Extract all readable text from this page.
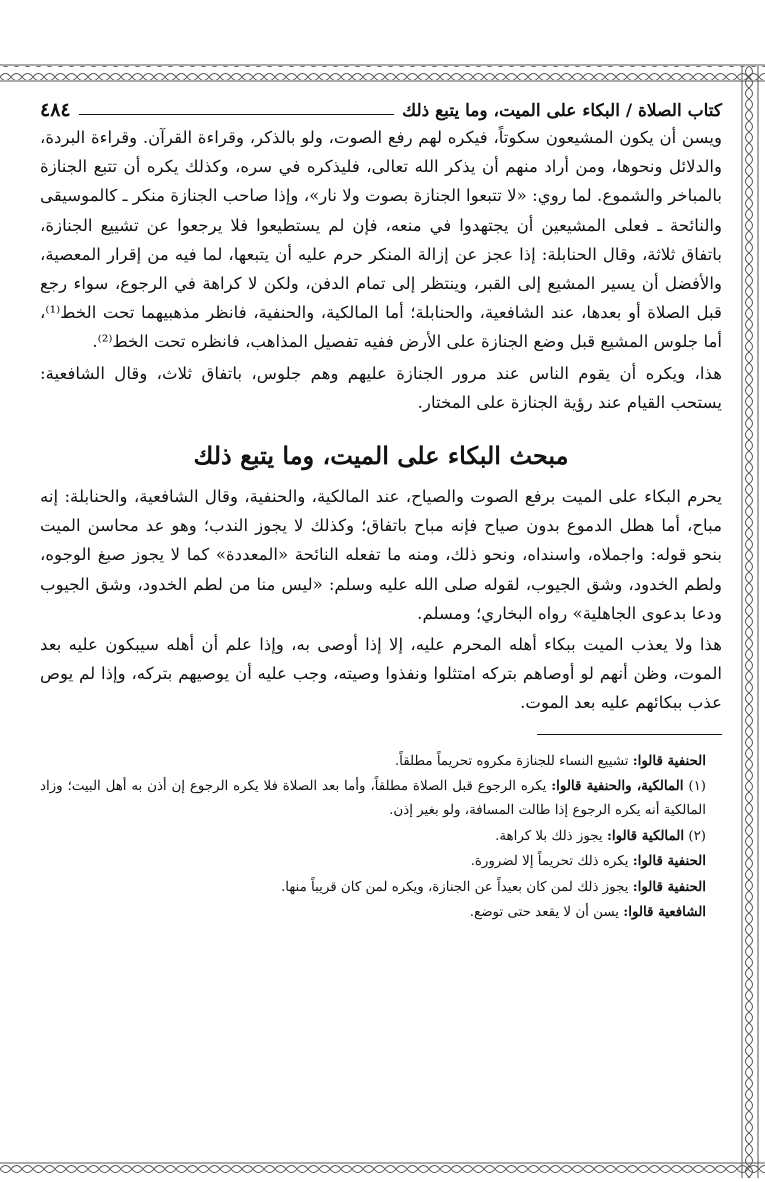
كتاب الصلاة / البكاء على الميت، وما يتبع ذلك
٤٨٤

ويسن أن يكون المشيعون سكوتاً، فيكره لهم رفع الصوت، ولو بالذكر، وقراءة القرآن. وقراءة البردة، والدلائل ونحوها، ومن أراد منهم أن يذكر الله تعالى، فليذكره في سره، وكذلك يكره أن تتبع الجنازة بالمباخر والشموع. لما روي: «لا تتبعوا الجنازة بصوت ولا نار»، وإذا صاحب الجنازة منكر ـ كالموسيقى والنائحة ـ فعلى المشيعين أن يجتهدوا في منعه، فإن لم يستطيعوا فلا يرجعوا عن تشييع الجنازة، باتفاق ثلاثة، وقال الحنابلة: إذا عجز عن إزالة المنكر حرم عليه أن يتبعها، لما فيه من إقرار المعصية، والأفضل أن يسير المشيع إلى القبر، وينتظر إلى تمام الدفن، ولكن لا كراهة في الرجوع، سواء رجع قبل الصلاة أو بعدها، عند الشافعية، والحنابلة؛ أما المالكية، والحنفية، فانظر مذهبيهما تحت الخط⁽¹⁾، أما جلوس المشيع قبل وضع الجنازة على الأرض ففيه تفصيل المذاهب، فانظره تحت الخط⁽²⁾.

هذا، ويكره أن يقوم الناس عند مرور الجنازة عليهم وهم جلوس، باتفاق ثلاث، وقال الشافعية: يستحب القيام عند رؤية الجنازة على المختار.

مبحث البكاء على الميت، وما يتبع ذلك

يحرم البكاء على الميت برفع الصوت والصياح، عند المالكية، والحنفية، وقال الشافعية، والحنابلة: إنه مباح، أما هطل الدموع بدون صياح فإنه مباح باتفاق؛ وكذلك لا يجوز الندب؛ وهو عد محاسن الميت بنحو قوله: واجملاه، واسنداه، ونحو ذلك، ومنه ما تفعله النائحة «المعددة» كما لا يجوز صبغ الوجوه، ولطم الخدود، وشق الجيوب، لقوله صلى الله عليه وسلم: «ليس منا من لطم الخدود، وشق الجيوب ودعا بدعوى الجاهلية» رواه البخاري؛ ومسلم.

هذا ولا يعذب الميت ببكاء أهله المحرم عليه، إلا إذا أوصى به، وإذا علم أن أهله سيبكون عليه بعد الموت، وظن أنهم لو أوصاهم بتركه امتثلوا ونفذوا وصيته، وجب عليه أن يوصيهم بتركه، وإذا لم يوص عذب ببكائهم عليه بعد الموت.

الحنفية قالوا: تشييع النساء للجنازة مكروه تحريماً مطلقاً.

(١) المالكية، والحنفية قالوا: يكره الرجوع قبل الصلاة مطلقاً، وأما بعد الصلاة فلا يكره الرجوع إن أذن به أهل البيت؛ وزاد المالكية أنه يكره الرجوع إذا طالت المسافة، ولو بغير إذن.

(٢) المالكية قالوا: يجوز ذلك بلا كراهة.

الحنفية قالوا: يكره ذلك تحريماً إلا لضرورة.

الحنفية قالوا: يجوز ذلك لمن كان بعيداً عن الجنازة، ويكره لمن كان قريباً منها.

الشافعية قالوا: يسن أن لا يقعد حتى توضع.
